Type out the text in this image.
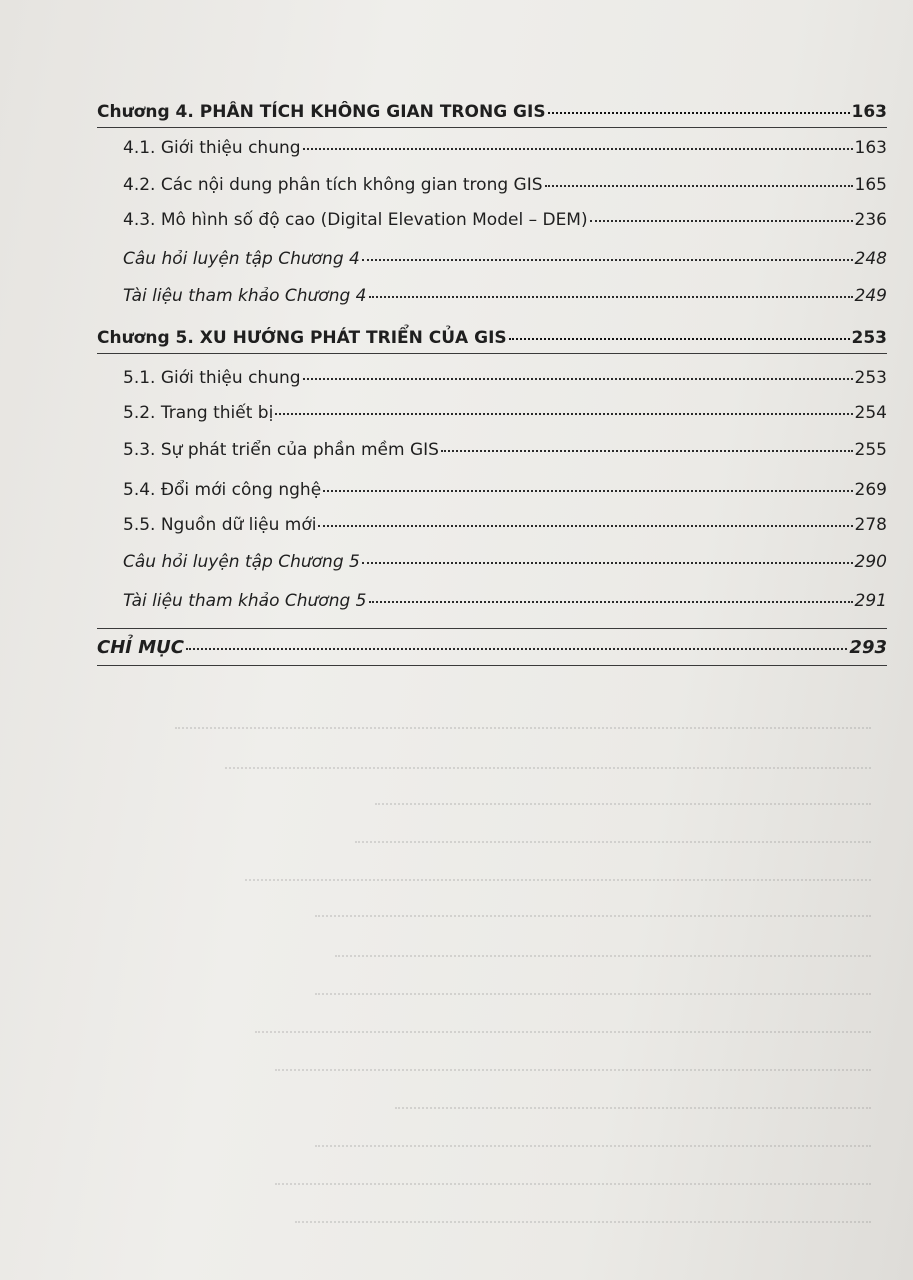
Chương 4. PHÂN TÍCH KHÔNG GIAN TRONG GIS	163
4.1. Giới thiệu chung	163
4.2. Các nội dung phân tích không gian trong GIS	165
4.3. Mô hình số độ cao (Digital Elevation Model – DEM)	236
Câu hỏi luyện tập Chương 4	248
Tài liệu tham khảo Chương 4	249
Chương 5. XU HƯỚNG PHÁT TRIỂN CỦA GIS	253
5.1. Giới thiệu chung	253
5.2. Trang thiết bị	254
5.3. Sự phát triển của phần mềm GIS	255
5.4. Đổi mới công nghệ	269
5.5. Nguồn dữ liệu mới	278
Câu hỏi luyện tập Chương 5	290
Tài liệu tham khảo Chương 5	291
CHỈ MỤC	293
